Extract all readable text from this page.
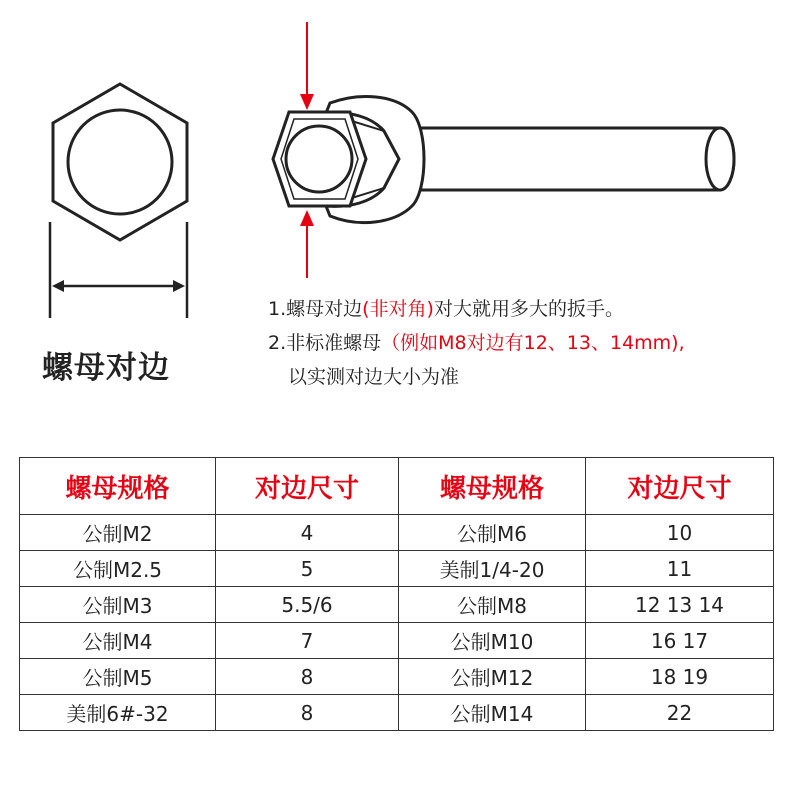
螺母对边
1.螺母对边(非对角)对大就用多大的扳手。
2.非标准螺母（例如M8对边有12、13、14mm),
以实测对边大小为准
螺母规格	对边尺寸	螺母规格	对边尺寸
公制M2	4	公制M6	10
公制M2.5	5	美制1/4-20	11
公制M3	5.5/6	公制M8	12 13 14
公制M4	7	公制M10	16 17
公制M5	8	公制M12	18 19
美制6#-32	8	公制M14	22
